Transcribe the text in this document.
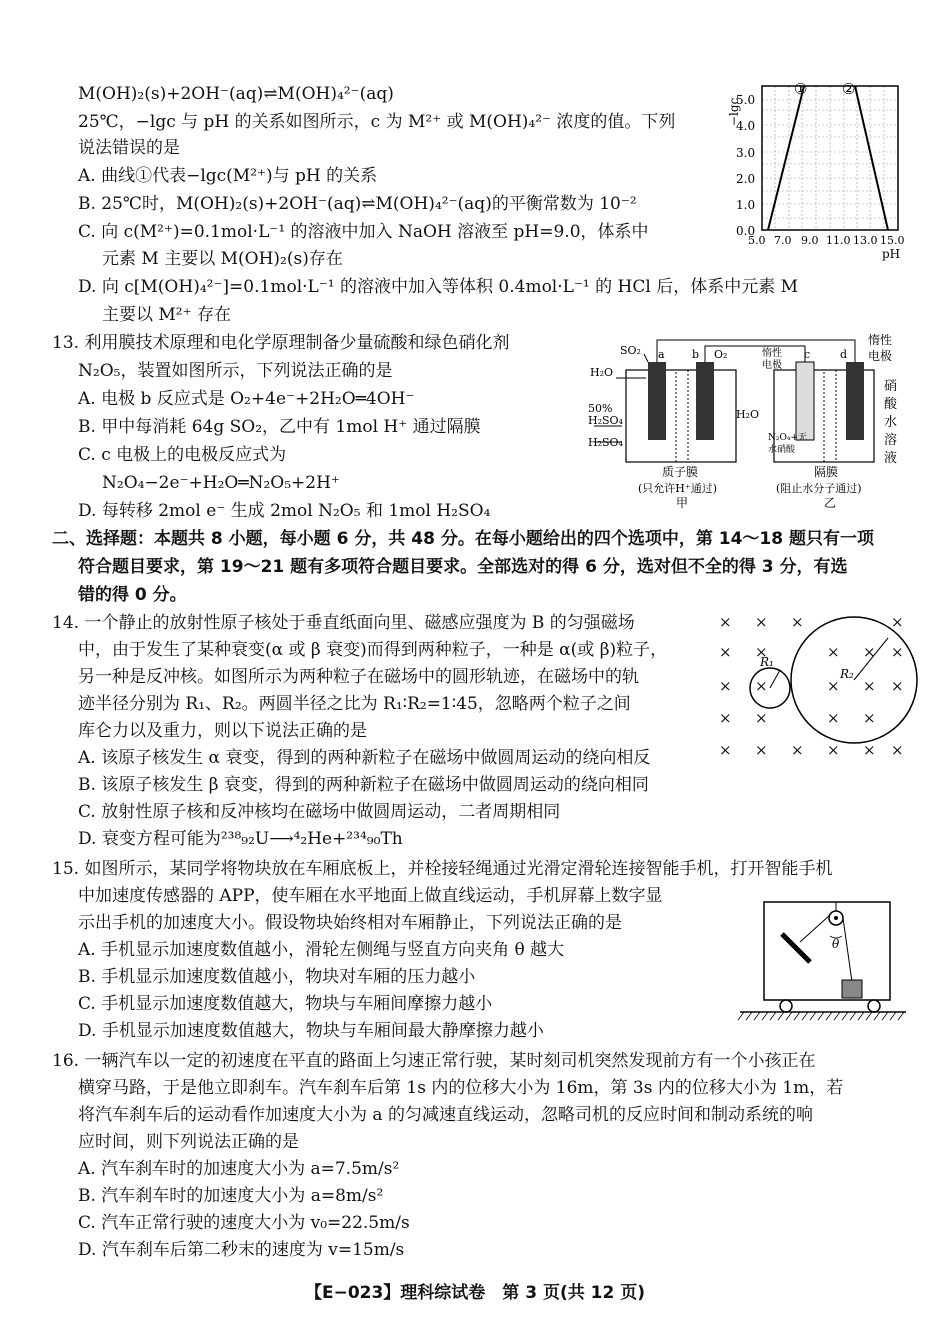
M(OH)₂(s)+2OH⁻(aq)⇌M(OH)₄²⁻(aq)
25℃，−lgc 与 pH 的关系如图所示，c 为 M²⁺ 或 M(OH)₄²⁻ 浓度的值。下列
说法错误的是
A. 曲线①代表−lgc(M²⁺)与 pH 的关系
B. 25℃时，M(OH)₂(s)+2OH⁻(aq)⇌M(OH)₄²⁻(aq)的平衡常数为 10⁻²
C. 向 c(M²⁺)=0.1mol·L⁻¹ 的溶液中加入 NaOH 溶液至 pH=9.0，体系中
元素 M 主要以 M(OH)₂(s)存在
D. 向 c[M(OH)₄²⁻]=0.1mol·L⁻¹ 的溶液中加入等体积 0.4mol·L⁻¹ 的 HCl 后，体系中元素 M
主要以 M²⁺ 存在
① ②
5.0
4.0
3.0
2.0
1.0
0.0
−lgc
5.0 7.0 9.0 11.0 13.0 15.0
pH
13. 利用膜技术原理和电化学原理制备少量硫酸和绿色硝化剂
N₂O₅，装置如图所示，下列说法正确的是
A. 电极 b 反应式是 O₂+4e⁻+2H₂O═4OH⁻
B. 甲中每消耗 64g SO₂，乙中有 1mol H⁺ 通过隔膜
C. c 电极上的电极反应式为
N₂O₄−2e⁻+H₂O═N₂O₅+2H⁺
D. 每转移 2mol e⁻ 生成 2mol N₂O₅ 和 1mol H₂SO₄
SO₂ a b O₂	c	d
惰性
电极
惰性
电极
H₂O
H₂O
50%
H₂SO₄
H₂SO₄	N₂O₄+无
水硝酸
硝
酸
水
溶
液
质子膜
(只允许H⁺通过)
甲
隔膜
(阻止水分子通过)
乙
二、选择题：本题共 8 小题，每小题 6 分，共 48 分。在每小题给出的四个选项中，第 14～18 题只有一项
符合题目要求，第 19～21 题有多项符合题目要求。全部选对的得 6 分，选对但不全的得 3 分，有选
错的得 0 分。
14. 一个静止的放射性原子核处于垂直纸面向里、磁感应强度为 B 的匀强磁场
中，由于发生了某种衰变(α 或 β 衰变)而得到两种粒子，一种是 α(或 β)粒子，
另一种是反冲核。如图所示为两种粒子在磁场中的圆形轨迹，在磁场中的轨
迹半径分别为 R₁、R₂。两圆半径之比为 R₁∶R₂=1∶45，忽略两个粒子之间
库仑力以及重力，则以下说法正确的是
A. 该原子核发生 α 衰变，得到的两种新粒子在磁场中做圆周运动的绕向相反
B. 该原子核发生 β 衰变，得到的两种新粒子在磁场中做圆周运动的绕向相同
C. 放射性原子核和反冲核均在磁场中做圆周运动，二者周期相同
D. 衰变方程可能为²³⁸₉₂U⟶⁴₂He+²³⁴₉₀Th
× × ×	×
× ×	× × ×
× ×	× × ×
× ×	× ×
× × × × × ×
R₁
R₂
15. 如图所示，某同学将物块放在车厢底板上，并栓接轻绳通过光滑定滑轮连接智能手机，打开智能手机
中加速度传感器的 APP，使车厢在水平地面上做直线运动，手机屏幕上数字显
示出手机的加速度大小。假设物块始终相对车厢静止，下列说法正确的是
A. 手机显示加速度数值越小，滑轮左侧绳与竖直方向夹角 θ 越大
B. 手机显示加速度数值越小，物块对车厢的压力越小
C. 手机显示加速度数值越大，物块与车厢间摩擦力越小
D. 手机显示加速度数值越大，物块与车厢间最大静摩擦力越小
θ
16. 一辆汽车以一定的初速度在平直的路面上匀速正常行驶，某时刻司机突然发现前方有一个小孩正在
横穿马路，于是他立即刹车。汽车刹车后第 1s 内的位移大小为 16m，第 3s 内的位移大小为 1m，若
将汽车刹车后的运动看作加速度大小为 a 的匀减速直线运动，忽略司机的反应时间和制动系统的响
应时间，则下列说法正确的是
A. 汽车刹车时的加速度大小为 a=7.5m/s²
B. 汽车刹车时的加速度大小为 a=8m/s²
C. 汽车正常行驶的速度大小为 v₀=22.5m/s
D. 汽车刹车后第二秒末的速度为 v=15m/s
【E−023】理科综试卷　第 3 页(共 12 页)
